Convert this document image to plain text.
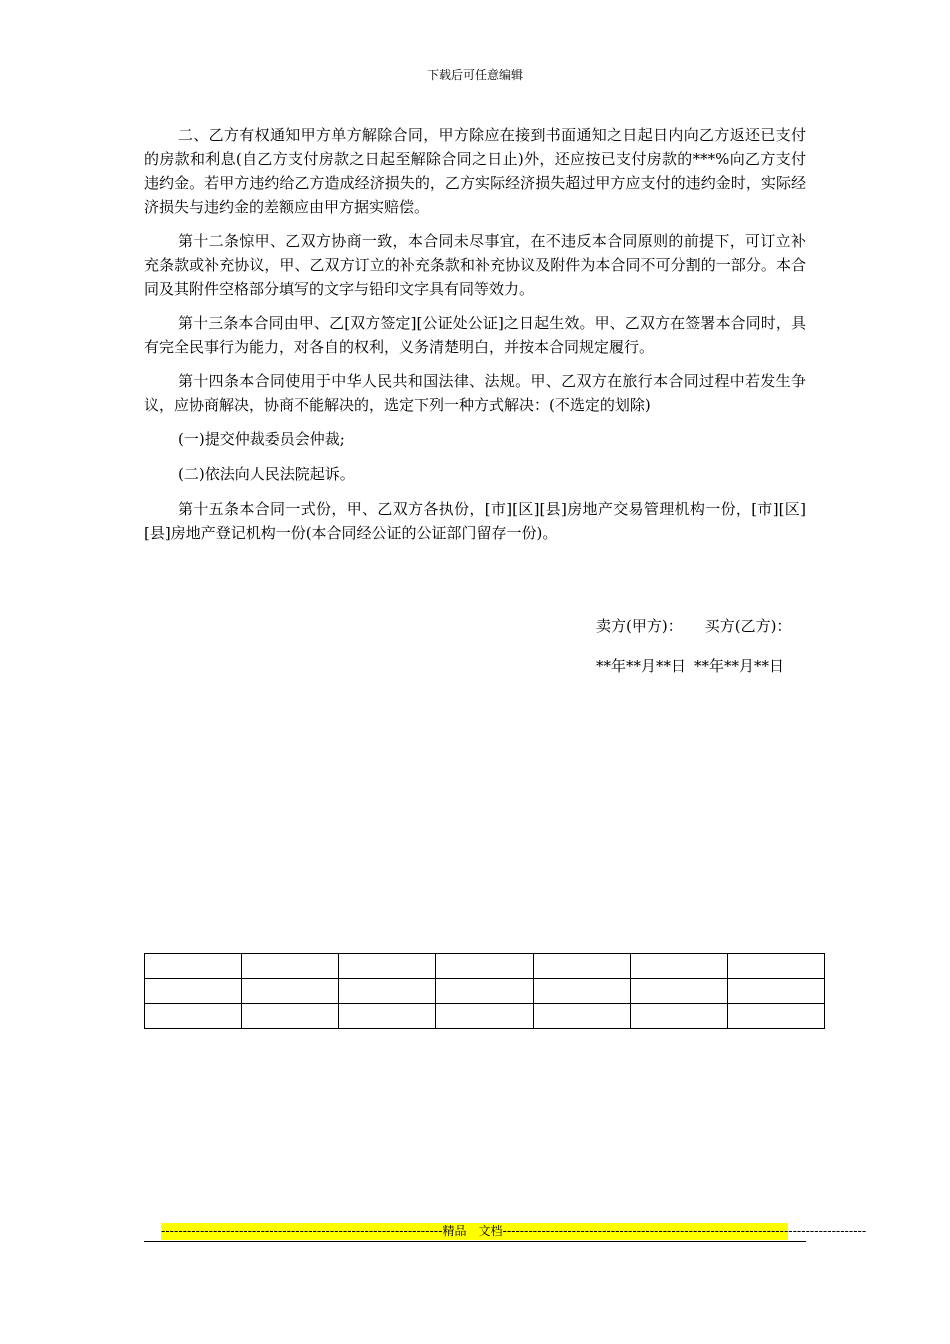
下载后可任意编辑

二、乙方有权通知甲方单方解除合同，甲方除应在接到书面通知之日起日内向乙方返还已支付的房款和利息(自乙方支付房款之日起至解除合同之日止)外，还应按已支付房款的***%向乙方支付违约金。若甲方违约给乙方造成经济损失的，乙方实际经济损失超过甲方应支付的违约金时，实际经济损失与违约金的差额应由甲方据实赔偿。

第十二条惊甲、乙双方协商一致，本合同未尽事宜，在不违反本合同原则的前提下，可订立补充条款或补充协议，甲、乙双方订立的补充条款和补充协议及附件为本合同不可分割的一部分。本合同及其附件空格部分填写的文字与铅印文字具有同等效力。

第十三条本合同由甲、乙[双方签定][公证处公证]之日起生效。甲、乙双方在签署本合同时，具有完全民事行为能力，对各自的权利，义务清楚明白，并按本合同规定履行。

第十四条本合同使用于中华人民共和国法律、法规。甲、乙双方在旅行本合同过程中若发生争议，应协商解决，协商不能解决的，选定下列一种方式解决：(不选定的划除)

(一)提交仲裁委员会仲裁;

(二)依法向人民法院起诉。

第十五条本合同一式份，甲、乙双方各执份，[市][区][县]房地产交易管理机构一份，[市][区][县]房地产登记机构一份(本合同经公证的公证部门留存一份)。

卖方(甲方)： 买方(乙方)：
**年**月**日 **年**月**日

-----------------------------------------------------------------精品　文档------------------------------------------------------------------------------------
